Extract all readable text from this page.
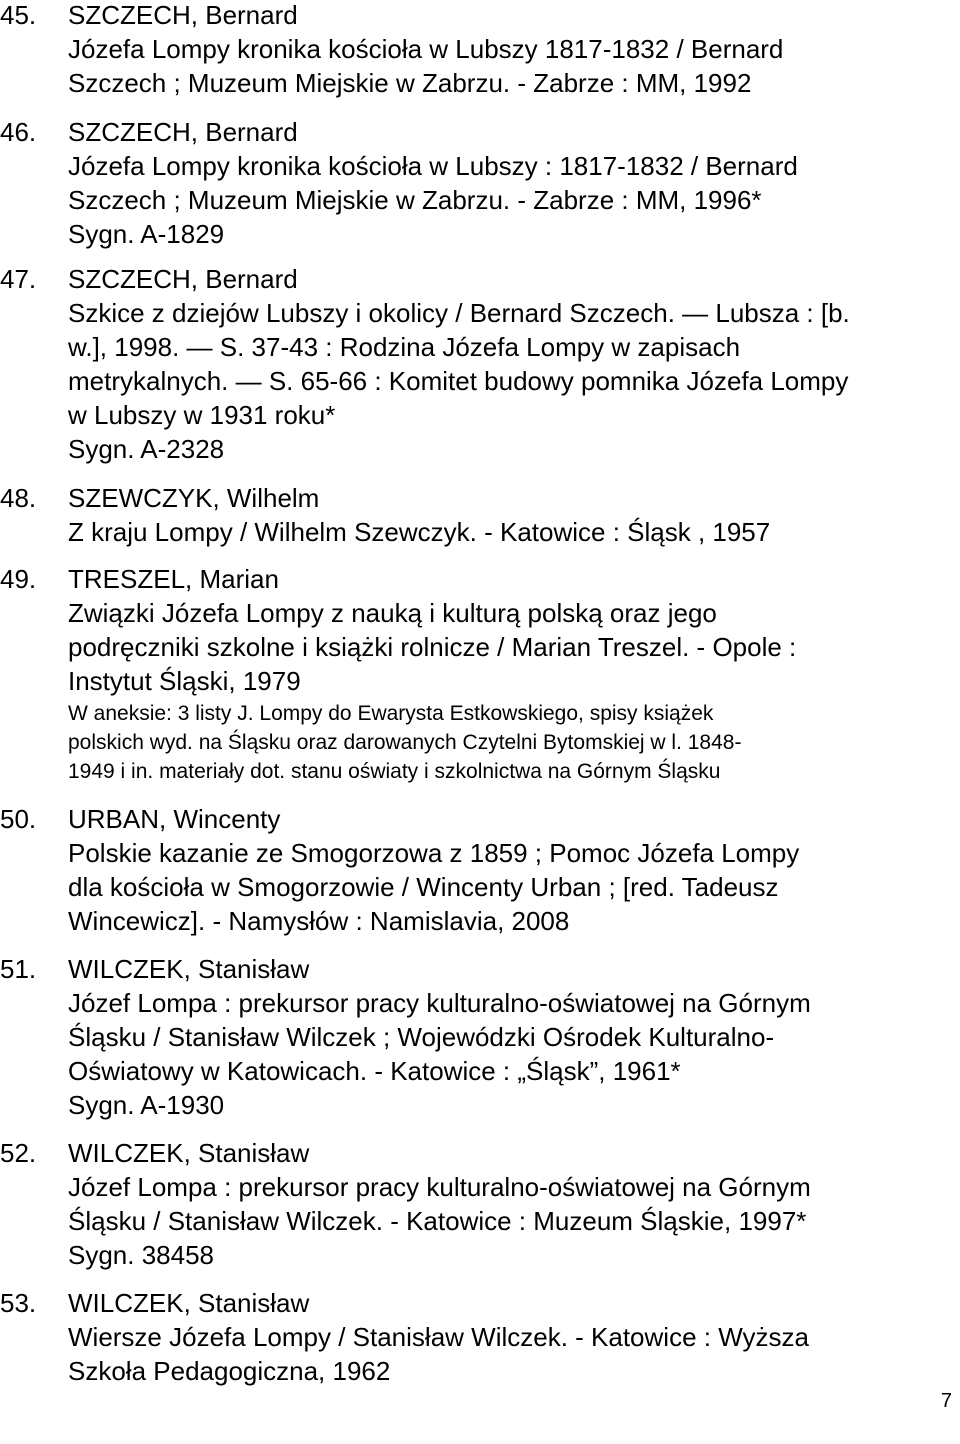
45. SZCZECH, Bernard
Józefa Lompy kronika kościoła w Lubszy 1817-1832 / Bernard
Szczech ; Muzeum Miejskie w Zabrzu. - Zabrze : MM, 1992
46. SZCZECH, Bernard
Józefa Lompy kronika kościoła w Lubszy : 1817-1832 / Bernard
Szczech ; Muzeum Miejskie w Zabrzu. - Zabrze : MM, 1996*
Sygn. A-1829
47. SZCZECH, Bernard
Szkice z dziejów Lubszy i okolicy / Bernard Szczech. — Lubsza : [b.
w.], 1998. — S. 37-43 : Rodzina Józefa Lompy w zapisach
metrykalnych. — S. 65-66 : Komitet budowy pomnika Józefa Lompy
w Lubszy w 1931 roku*
Sygn. A-2328
48. SZEWCZYK, Wilhelm
Z kraju Lompy / Wilhelm Szewczyk. - Katowice : Śląsk , 1957
49. TRESZEL, Marian
Związki Józefa Lompy z nauką i kulturą polską oraz jego
podręczniki szkolne i książki rolnicze / Marian Treszel. - Opole :
Instytut Śląski, 1979
W aneksie: 3 listy J. Lompy do Ewarysta Estkowskiego, spisy książek
polskich wyd. na Śląsku oraz darowanych Czytelni Bytomskiej w l. 1848-
1949 i in. materiały dot. stanu oświaty i szkolnictwa na Górnym Śląsku
50. URBAN, Wincenty
Polskie kazanie ze Smogorzowa z 1859 ; Pomoc Józefa Lompy
dla kościoła w Smogorzowie / Wincenty Urban ; [red. Tadeusz
Wincewicz]. - Namysłów : Namislavia, 2008
51. WILCZEK, Stanisław
Józef Lompa : prekursor pracy kulturalno-oświatowej na Górnym
Śląsku / Stanisław Wilczek ; Wojewódzki Ośrodek Kulturalno-
Oświatowy w Katowicach. - Katowice : „Śląsk”, 1961*
Sygn. A-1930
52. WILCZEK, Stanisław
Józef Lompa : prekursor pracy kulturalno-oświatowej na Górnym
Śląsku / Stanisław Wilczek. - Katowice : Muzeum Śląskie, 1997*
Sygn. 38458
53. WILCZEK, Stanisław
Wiersze Józefa Lompy / Stanisław Wilczek. - Katowice : Wyższa
Szkoła Pedagogiczna, 1962
7
